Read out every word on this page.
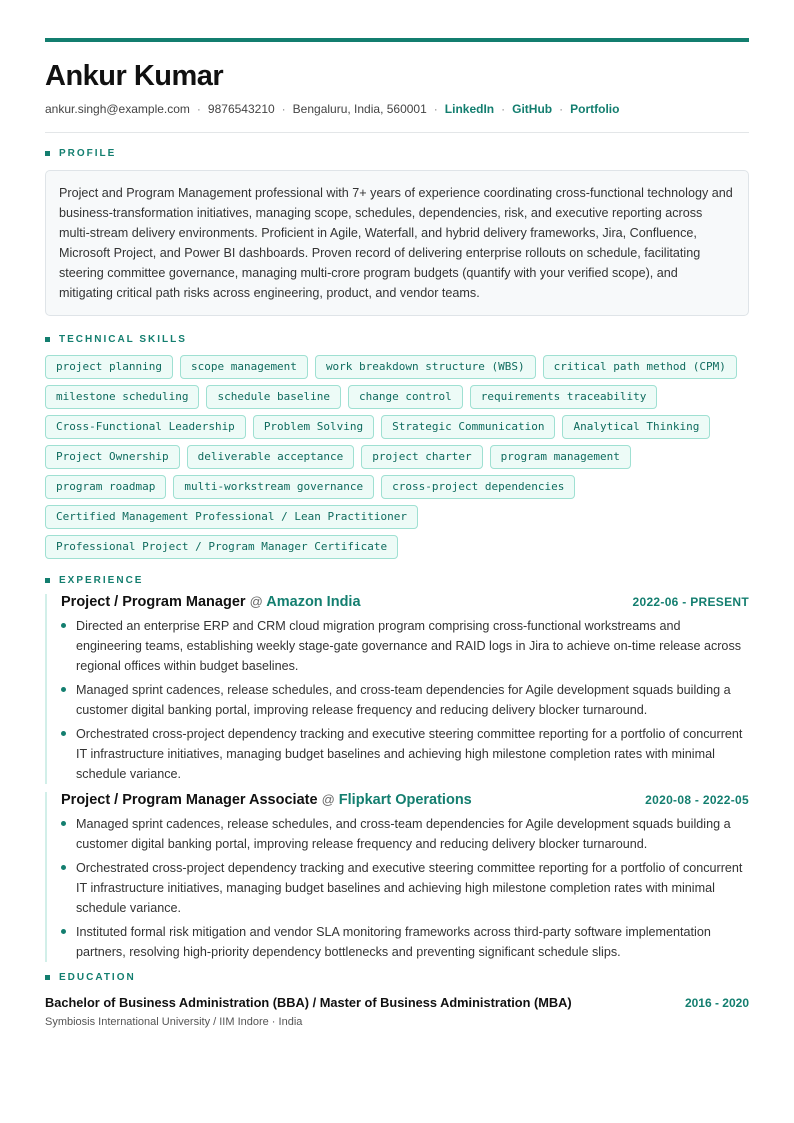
Ankur Kumar
ankur.singh@example.com · 9876543210 · Bengaluru, India, 560001 · LinkedIn · GitHub · Portfolio
PROFILE
Project and Program Management professional with 7+ years of experience coordinating cross-functional technology and business-transformation initiatives, managing scope, schedules, dependencies, risk, and executive reporting across multi-stream delivery environments. Proficient in Agile, Waterfall, and hybrid delivery frameworks, Jira, Confluence, Microsoft Project, and Power BI dashboards. Proven record of delivering enterprise rollouts on schedule, facilitating steering committee governance, managing multi-crore program budgets (quantify with your verified scope), and mitigating critical path risks across engineering, product, and vendor teams.
TECHNICAL SKILLS
project planning	scope management	work breakdown structure (WBS)	critical path method (CPM)
milestone scheduling	schedule baseline	change control	requirements traceability
Cross-Functional Leadership	Problem Solving	Strategic Communication	Analytical Thinking
Project Ownership	deliverable acceptance	project charter	program management
program roadmap	multi-workstream governance	cross-project dependencies
Certified Management Professional / Lean Practitioner
Professional Project / Program Manager Certificate
EXPERIENCE
Project / Program Manager @ Amazon India	2022-06 - PRESENT
Directed an enterprise ERP and CRM cloud migration program comprising cross-functional workstreams and engineering teams, establishing weekly stage-gate governance and RAID logs in Jira to achieve on-time release across regional offices within budget baselines.
Managed sprint cadences, release schedules, and cross-team dependencies for Agile development squads building a customer digital banking portal, improving release frequency and reducing delivery blocker turnaround.
Orchestrated cross-project dependency tracking and executive steering committee reporting for a portfolio of concurrent IT infrastructure initiatives, managing budget baselines and achieving high milestone completion rates with minimal schedule variance.
Project / Program Manager Associate @ Flipkart Operations	2020-08 - 2022-05
Managed sprint cadences, release schedules, and cross-team dependencies for Agile development squads building a customer digital banking portal, improving release frequency and reducing delivery blocker turnaround.
Orchestrated cross-project dependency tracking and executive steering committee reporting for a portfolio of concurrent IT infrastructure initiatives, managing budget baselines and achieving high milestone completion rates with minimal schedule variance.
Instituted formal risk mitigation and vendor SLA monitoring frameworks across third-party software implementation partners, resolving high-priority dependency bottlenecks and preventing significant schedule slips.
EDUCATION
Bachelor of Business Administration (BBA) / Master of Business Administration (MBA)	2016 - 2020
Symbiosis International University / IIM Indore · India
